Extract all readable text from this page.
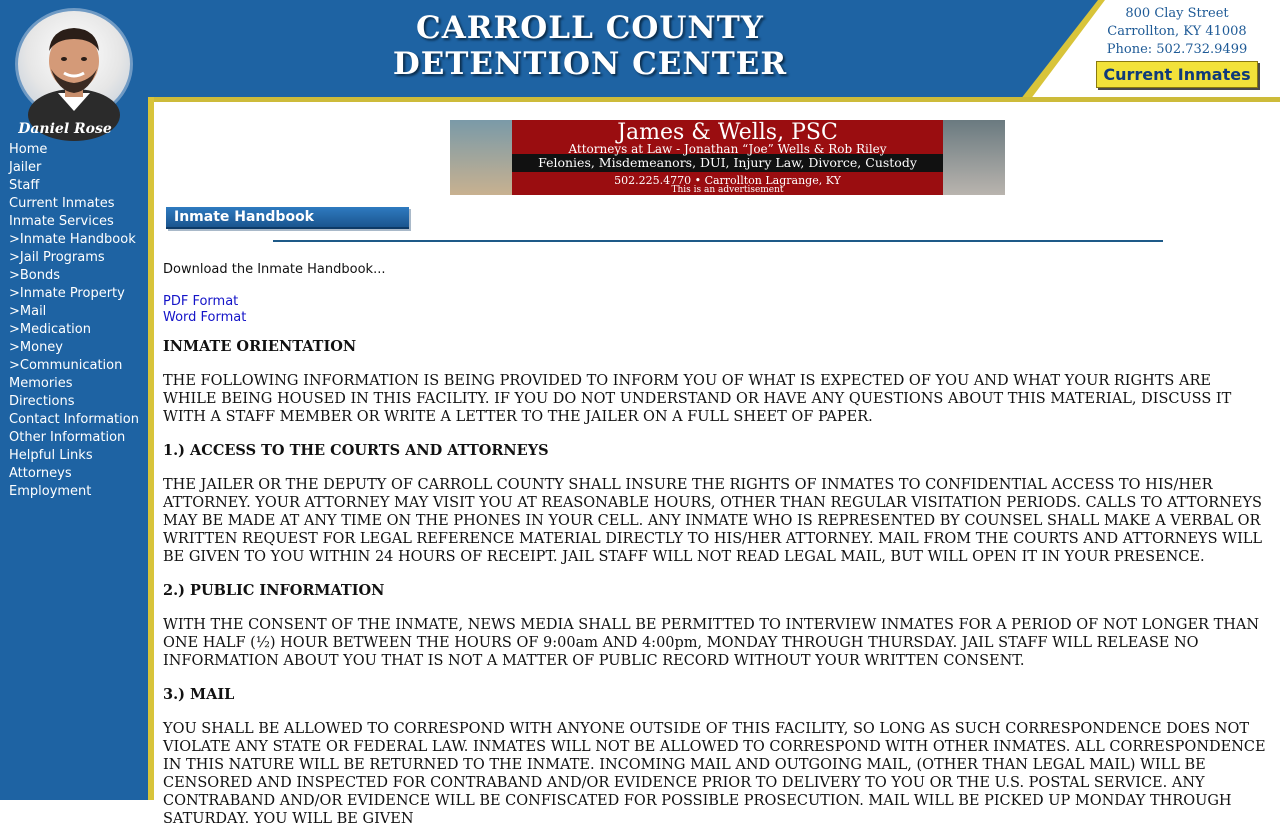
CARROLL COUNTY
DETENTION CENTER
800 Clay Street
Carrollton, KY 41008
Phone: 502.732.9499
Current Inmates
Daniel Rose
Home
Jailer
Staff
Current Inmates
Inmate Services
>Inmate Handbook
>Jail Programs
>Bonds
>Inmate Property
>Mail
>Medication
>Money
>Communication
Memories
Directions
Contact Information
Other Information
Helpful Links
Attorneys
Employment
James & Wells, PSC
Attorneys at Law - Jonathan “Joe” Wells & Rob Riley
Felonies, Misdemeanors, DUI, Injury Law, Divorce, Custody
502.225.4770 • Carrollton Lagrange, KY
This is an advertisement
Inmate Handbook
Download the Inmate Handbook...
PDF Format
Word Format
INMATE ORIENTATION

THE FOLLOWING INFORMATION IS BEING PROVIDED TO INFORM YOU OF WHAT IS EXPECTED OF YOU AND WHAT YOUR RIGHTS ARE WHILE BEING HOUSED IN THIS FACILITY. IF YOU DO NOT UNDERSTAND OR HAVE ANY QUESTIONS ABOUT THIS MATERIAL, DISCUSS IT WITH A STAFF MEMBER OR WRITE A LETTER TO THE JAILER ON A FULL SHEET OF PAPER.

1.) ACCESS TO THE COURTS AND ATTORNEYS

THE JAILER OR THE DEPUTY OF CARROLL COUNTY SHALL INSURE THE RIGHTS OF INMATES TO CONFIDENTIAL ACCESS TO HIS/HER ATTORNEY. YOUR ATTORNEY MAY VISIT YOU AT REASONABLE HOURS, OTHER THAN REGULAR VISITATION PERIODS. CALLS TO ATTORNEYS MAY BE MADE AT ANY TIME ON THE PHONES IN YOUR CELL. ANY INMATE WHO IS REPRESENTED BY COUNSEL SHALL MAKE A VERBAL OR WRITTEN REQUEST FOR LEGAL REFERENCE MATERIAL DIRECTLY TO HIS/HER ATTORNEY. MAIL FROM THE COURTS AND ATTORNEYS WILL BE GIVEN TO YOU WITHIN 24 HOURS OF RECEIPT. JAIL STAFF WILL NOT READ LEGAL MAIL, BUT WILL OPEN IT IN YOUR PRESENCE.

2.) PUBLIC INFORMATION

WITH THE CONSENT OF THE INMATE, NEWS MEDIA SHALL BE PERMITTED TO INTERVIEW INMATES FOR A PERIOD OF NOT LONGER THAN ONE HALF (½) HOUR BETWEEN THE HOURS OF 9:00am AND 4:00pm, MONDAY THROUGH THURSDAY. JAIL STAFF WILL RELEASE NO INFORMATION ABOUT YOU THAT IS NOT A MATTER OF PUBLIC RECORD WITHOUT YOUR WRITTEN CONSENT.

3.) MAIL

YOU SHALL BE ALLOWED TO CORRESPOND WITH ANYONE OUTSIDE OF THIS FACILITY, SO LONG AS SUCH CORRESPONDENCE DOES NOT VIOLATE ANY STATE OR FEDERAL LAW. INMATES WILL NOT BE ALLOWED TO CORRESPOND WITH OTHER INMATES. ALL CORRESPONDENCE IN THIS NATURE WILL BE RETURNED TO THE INMATE. INCOMING MAIL AND OUTGOING MAIL, (OTHER THAN LEGAL MAIL) WILL BE CENSORED AND INSPECTED FOR CONTRABAND AND/OR EVIDENCE PRIOR TO DELIVERY TO YOU OR THE U.S. POSTAL SERVICE. ANY CONTRABAND AND/OR EVIDENCE WILL BE CONFISCATED FOR POSSIBLE PROSECUTION. MAIL WILL BE PICKED UP MONDAY THROUGH SATURDAY. YOU WILL BE GIVEN
